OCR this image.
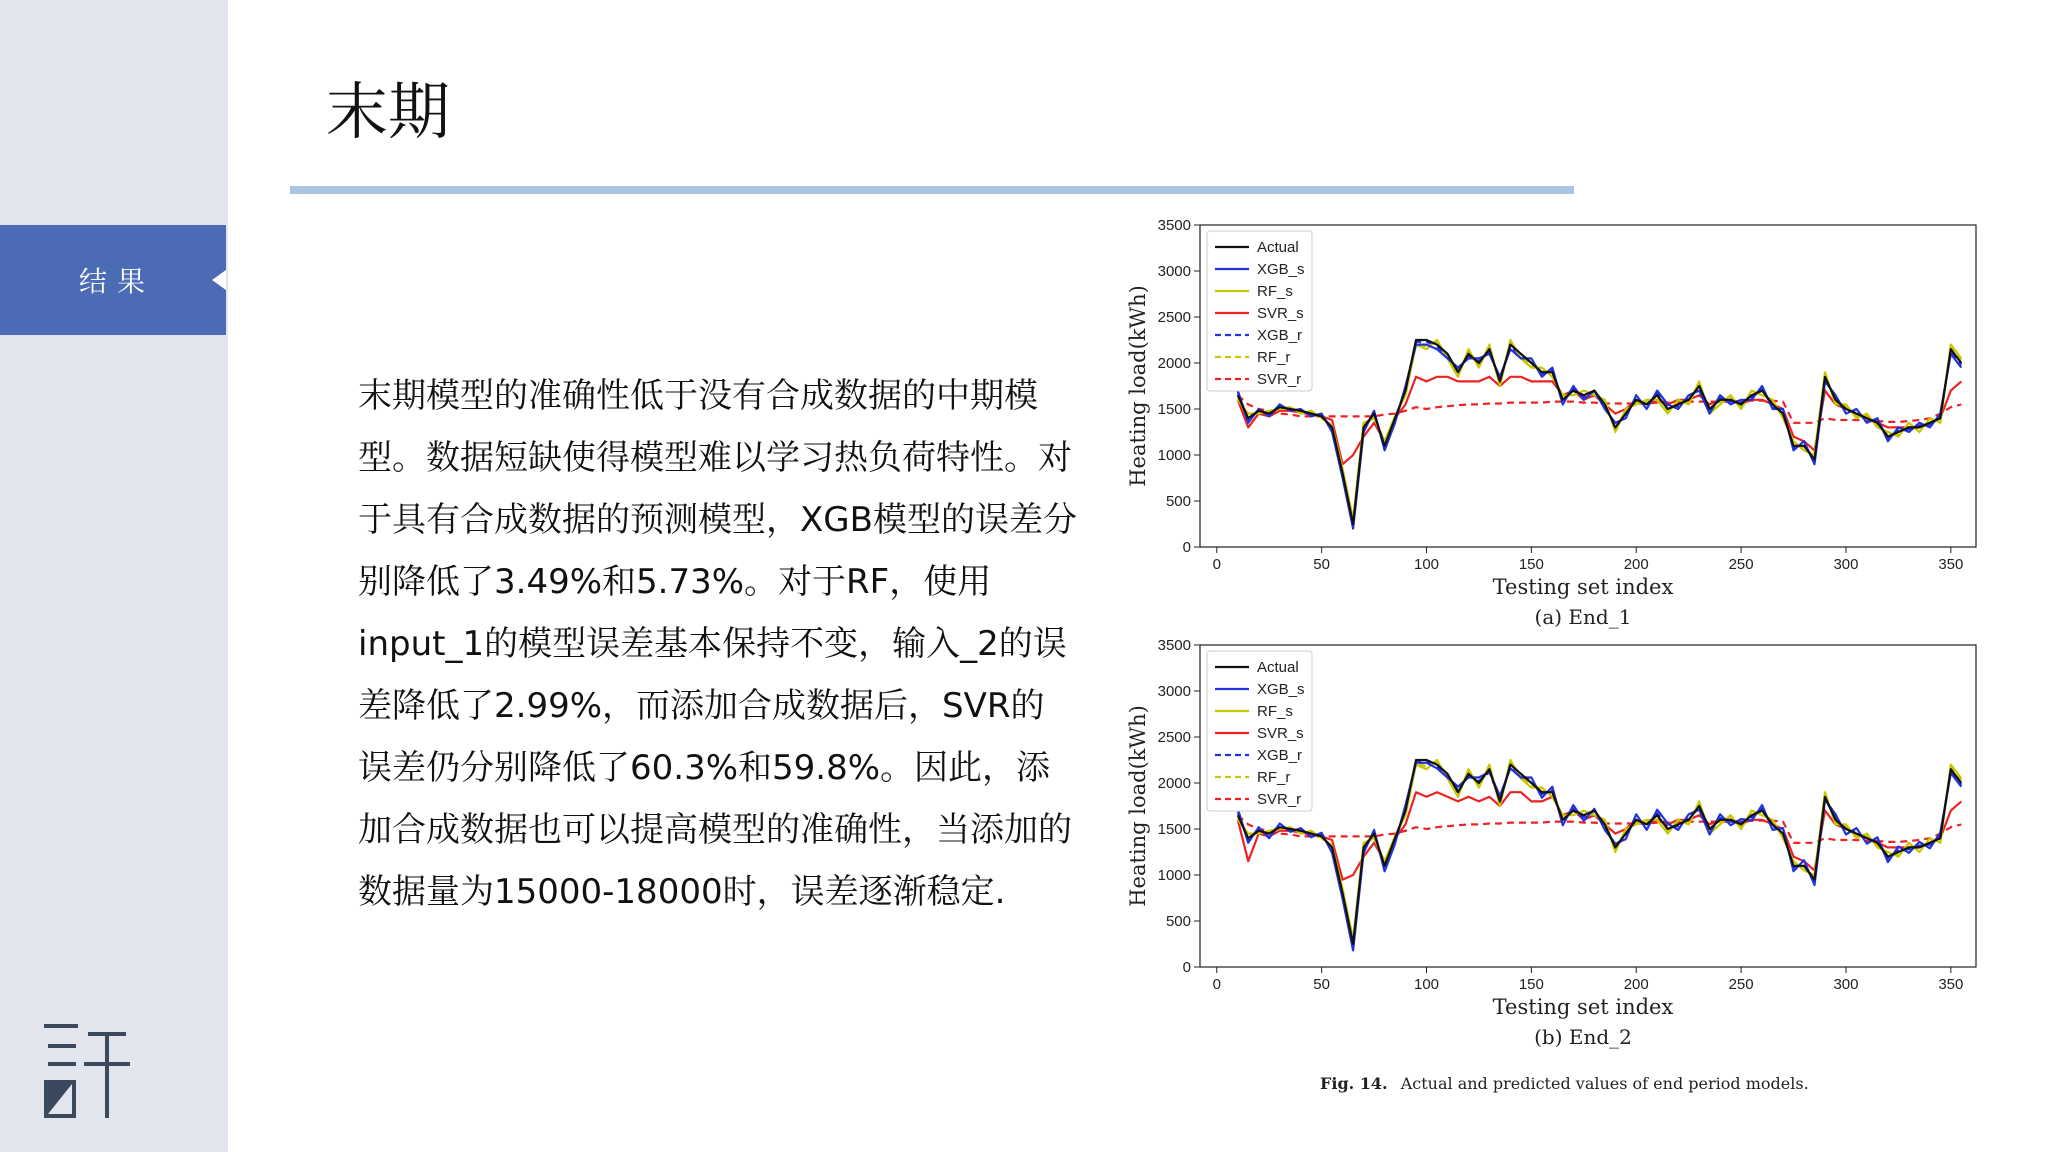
结果
末期
末期模型的准确性低于没有合成数据的中期模型。数据短缺使得模型难以学习热负荷特性。对于具有合成数据的预测模型，XGB模型的误差分别降低了3.49%和5.73%。对于RF，使用input_1的模型误差基本保持不变，输入_2的误差降低了2.99%，而添加合成数据后，SVR的误差仍分别降低了60.3%和59.8%。因此，添加合成数据也可以提高模型的准确性，当添加的数据量为15000-18000时，误差逐渐稳定.
0
500
1000
1500
2000
2500
3000
3500
0	50	100	150	200	250	300	350
Testing set index
Heating load(kWh)
(a) End_1
Actual
XGB_s
RF_s
SVR_s
XGB_r
RF_r
SVR_r
0
500
1000
1500
2000
2500
3000
3500
0	50	100	150	200	250	300	350
Testing set index
Heating load(kWh)
(b) End_2
Actual
XGB_s
RF_s
SVR_s
XGB_r
RF_r
SVR_r
Fig. 14. Actual and predicted values of end period models.
